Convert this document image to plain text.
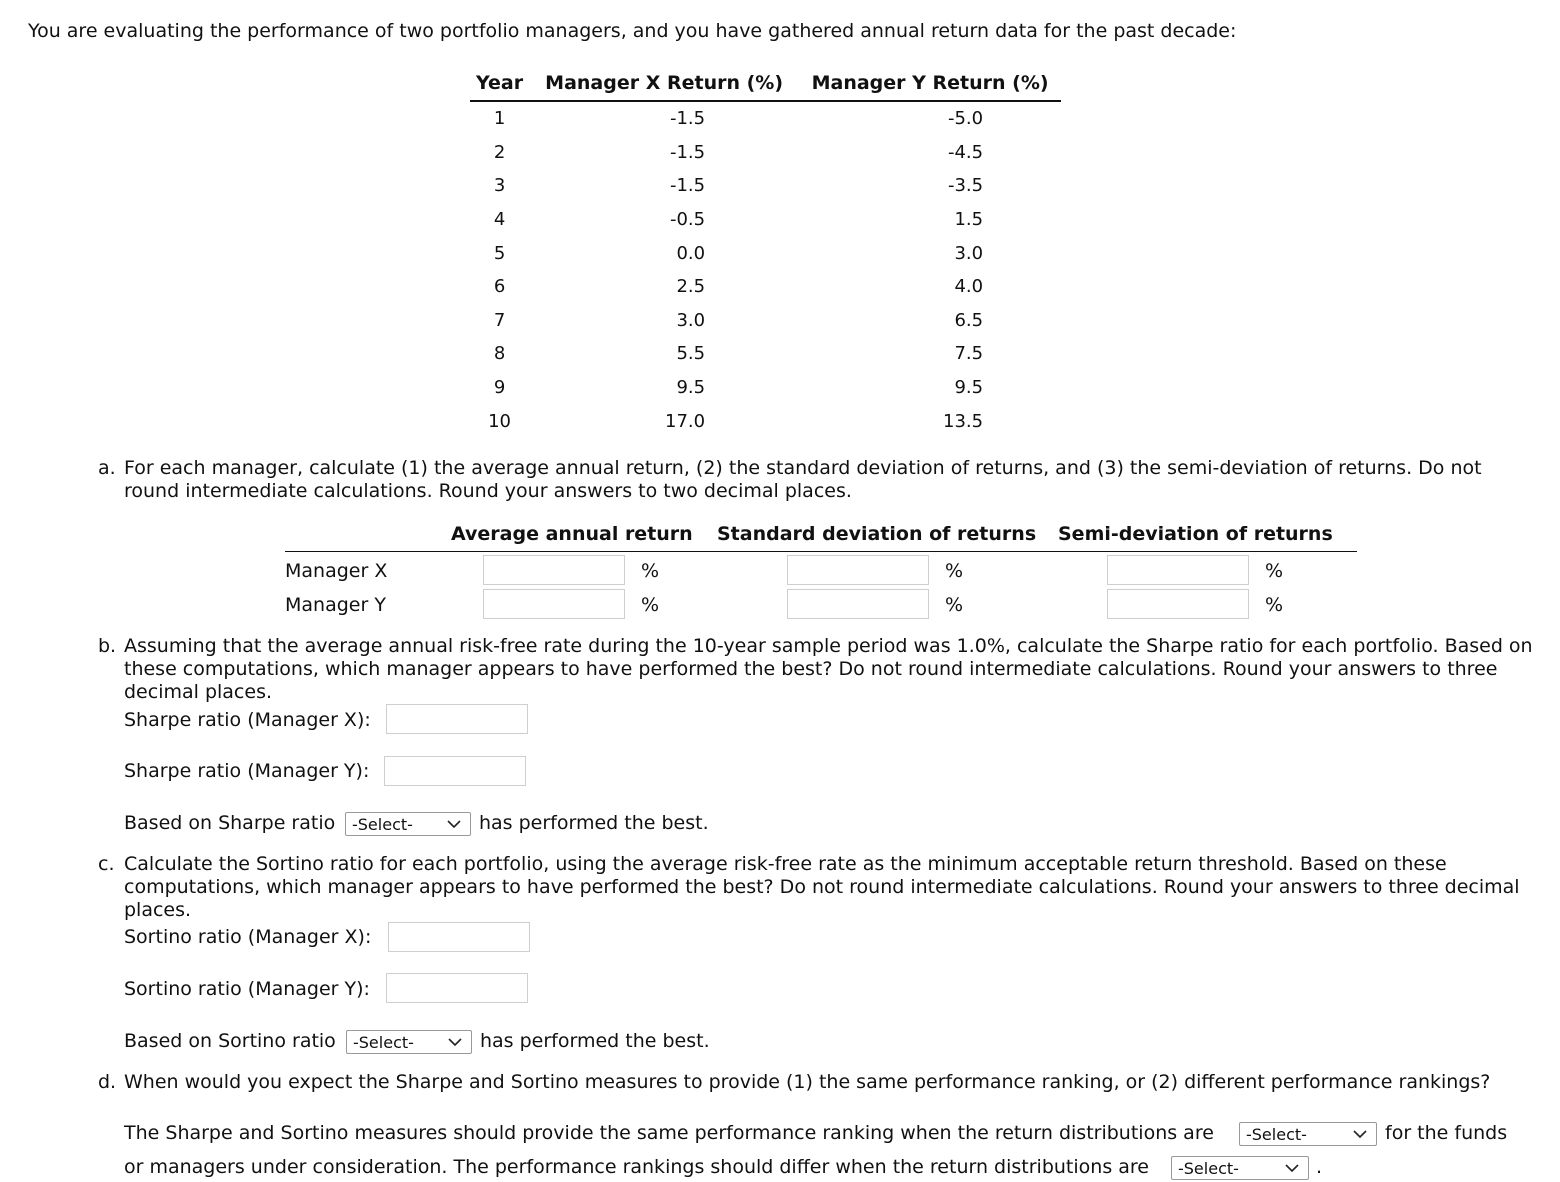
You are evaluating the performance of two portfolio managers, and you have gathered annual return data for the past decade:
Year	Manager X Return (%)	Manager Y Return (%)
1	-1.5	-5.0
2	-1.5	-4.5
3	-1.5	-3.5
4	-0.5	1.5
5	0.0	3.0
6	2.5	4.0
7	3.0	6.5
8	5.5	7.5
9	9.5	9.5
10	17.0	13.5
a. For each manager, calculate (1) the average annual return, (2) the standard deviation of returns, and (3) the semi-deviation of returns. Do not round intermediate calculations. Round your answers to two decimal places.
Average annual return Standard deviation of returns Semi-deviation of returns
Manager X	%	%	%
Manager Y	%	%	%
b. Assuming that the average annual risk-free rate during the 10-year sample period was 1.0%, calculate the Sharpe ratio for each portfolio. Based on these computations, which manager appears to have performed the best? Do not round intermediate calculations. Round your answers to three decimal places.
Sharpe ratio (Manager X):
Sharpe ratio (Manager Y):
Based on Sharpe ratio	-Select-	has performed the best.
c. Calculate the Sortino ratio for each portfolio, using the average risk-free rate as the minimum acceptable return threshold. Based on these computations, which manager appears to have performed the best? Do not round intermediate calculations. Round your answers to three decimal places.
Sortino ratio (Manager X):
Sortino ratio (Manager Y):
Based on Sortino ratio	-Select-	has performed the best.
d. When would you expect the Sharpe and Sortino measures to provide (1) the same performance ranking, or (2) different performance rankings?
The Sharpe and Sortino measures should provide the same performance ranking when the return distributions are	-Select-	for the funds
or managers under consideration. The performance rankings should differ when the return distributions are	-Select-	.
